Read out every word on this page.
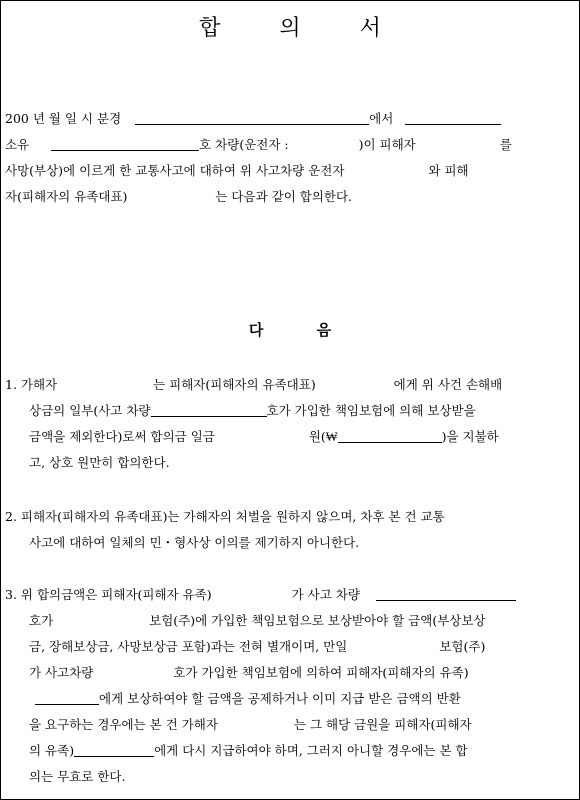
합 의 서
200 년 월 일 시 분경	에서
소유	호 차량(운전자 :	)이 피해자	를
사망(부상)에 이르게 한 교통사고에 대하여 위 사고차량 운전자	와 피해
자(피해자의 유족대표)	는 다음과 같이 합의한다.
다 음
1. 가해자	는 피해자(피해자의 유족대표)	에게 위 사건 손해배
상금의 일부(사고 차량	호가 가입한 책임보험에 의해 보상받을
금액을 제외한다)로써 합의금 일금	원(₩	)을 지불하
고, 상호 원만히 합의한다.
2. 피해자(피해자의 유족대표)는 가해자의 처벌을 원하지 않으며, 차후 본 건 교통
사고에 대하여 일체의 민・형사상 이의를 제기하지 아니한다.
3. 위 합의금액은 피해자(피해자 유족)	가 사고 차량
호가	보험(주)에 가입한 책임보험으로 보상받아야 할 금액(부상보상
금, 장해보상금, 사망보상금 포함)과는 전혀 별개이며, 만일	보험(주)
가 사고차량	호가 가입한 책임보험에 의하여 피해자(피해자의 유족)
에게 보상하여야 할 금액을 공제하거나 이미 지급 받은 금액의 반환
을 요구하는 경우에는 본 건 가해자	는 그 해당 금원을 피해자(피해자
의 유족)	에게 다시 지급하여야 하며, 그러지 아니할 경우에는 본 합
의는 무효로 한다.
